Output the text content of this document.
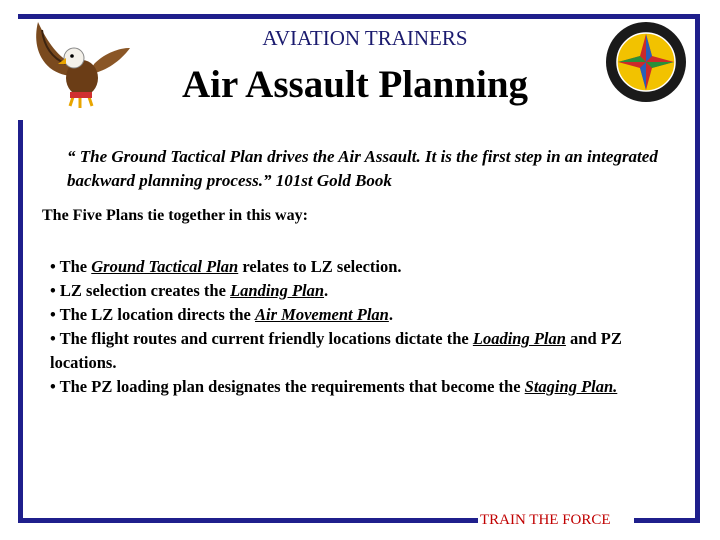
AVIATION TRAINERS
Air Assault Planning
“ The Ground Tactical Plan drives the Air Assault. It is the first step in an integrated backward planning process.” 101st Gold Book
The Five Plans tie together in this way:

• The Ground Tactical Plan relates to LZ selection.

• LZ selection creates the Landing Plan.

• The LZ location directs the Air Movement Plan.

• The flight routes and current friendly locations dictate the Loading Plan and PZ locations.

• The PZ loading plan designates the requirements that become the Staging Plan.

TRAIN THE FORCE
